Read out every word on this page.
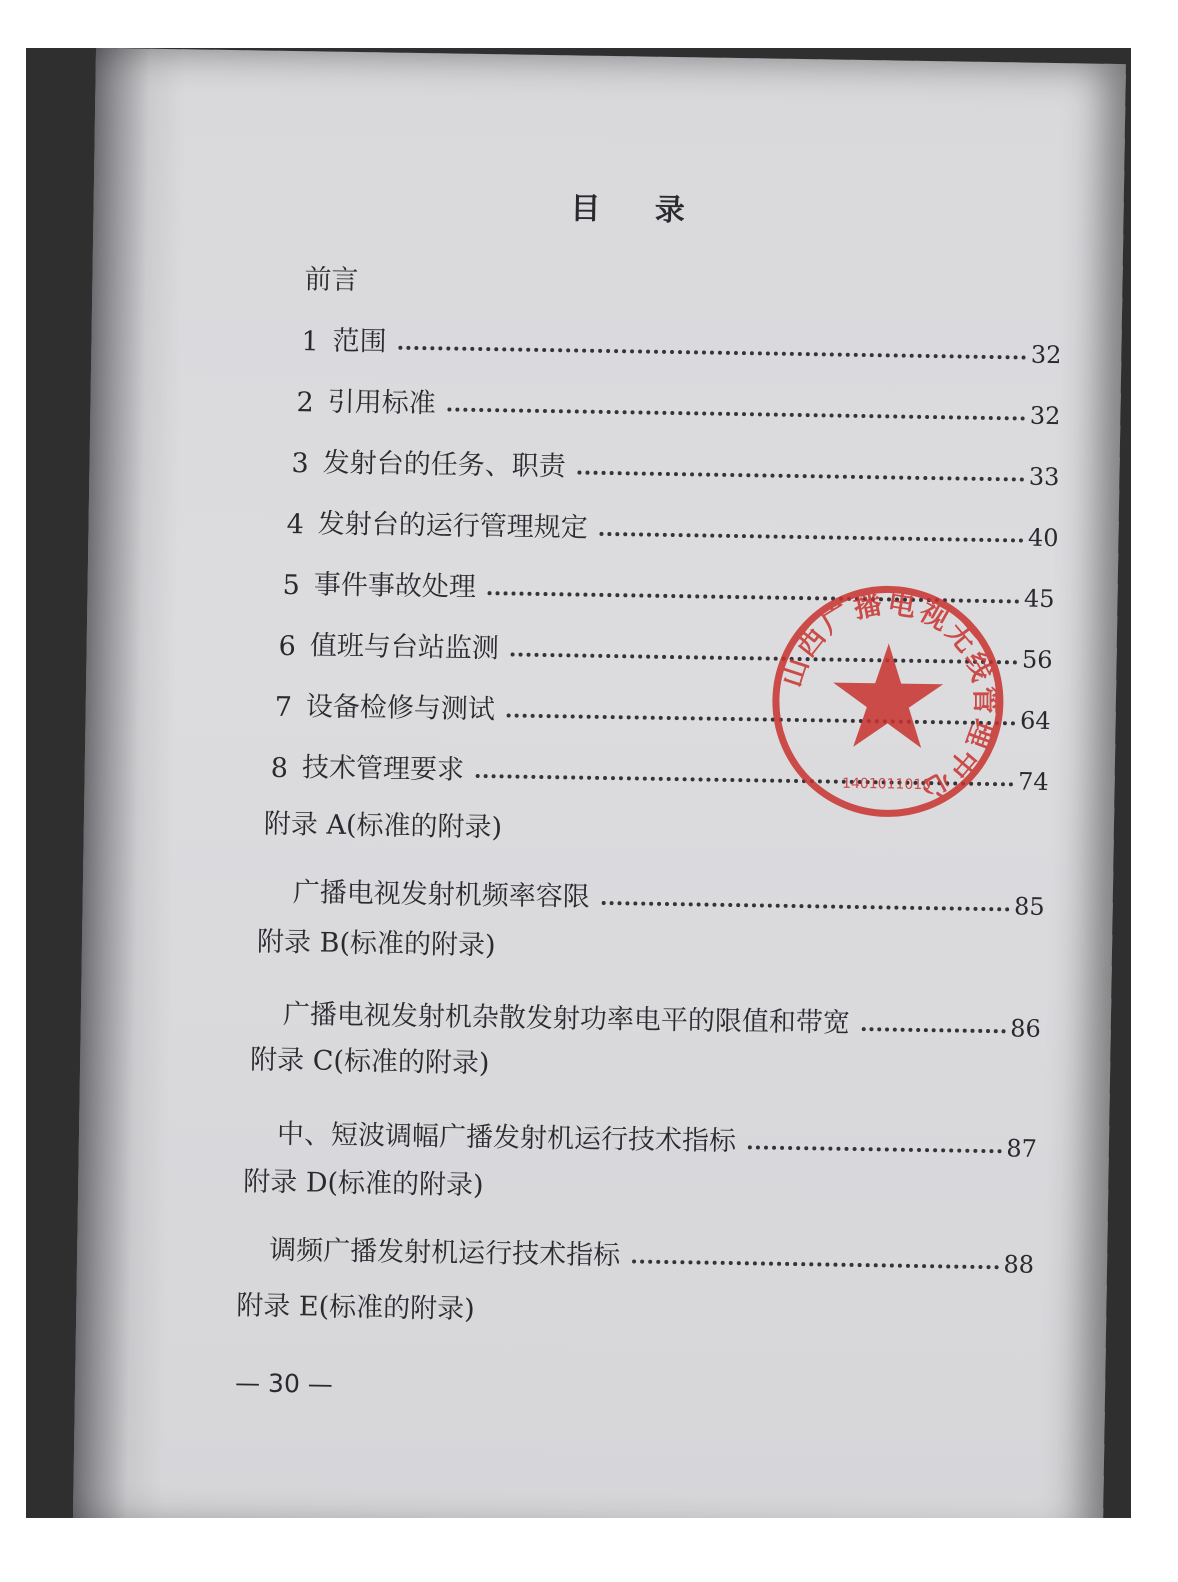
目 录
前言
1 范围	32
2 引用标准	32
3 发射台的任务、职责	33
4 发射台的运行管理规定	40
5 事件事故处理	45
6 值班与台站监测	56
7 设备检修与测试	64
8 技术管理要求	74
附录 A(标准的附录)
广播电视发射机频率容限	85
附录 B(标准的附录)
广播电视发射机杂散发射功率电平的限值和带宽	86
附录 C(标准的附录)
中、短波调幅广播发射机运行技术指标	87
附录 D(标准的附录)
调频广播发射机运行技术指标	88
附录 E(标准的附录)
— 30 —
山西广播电视无线管理中心
1401011010
